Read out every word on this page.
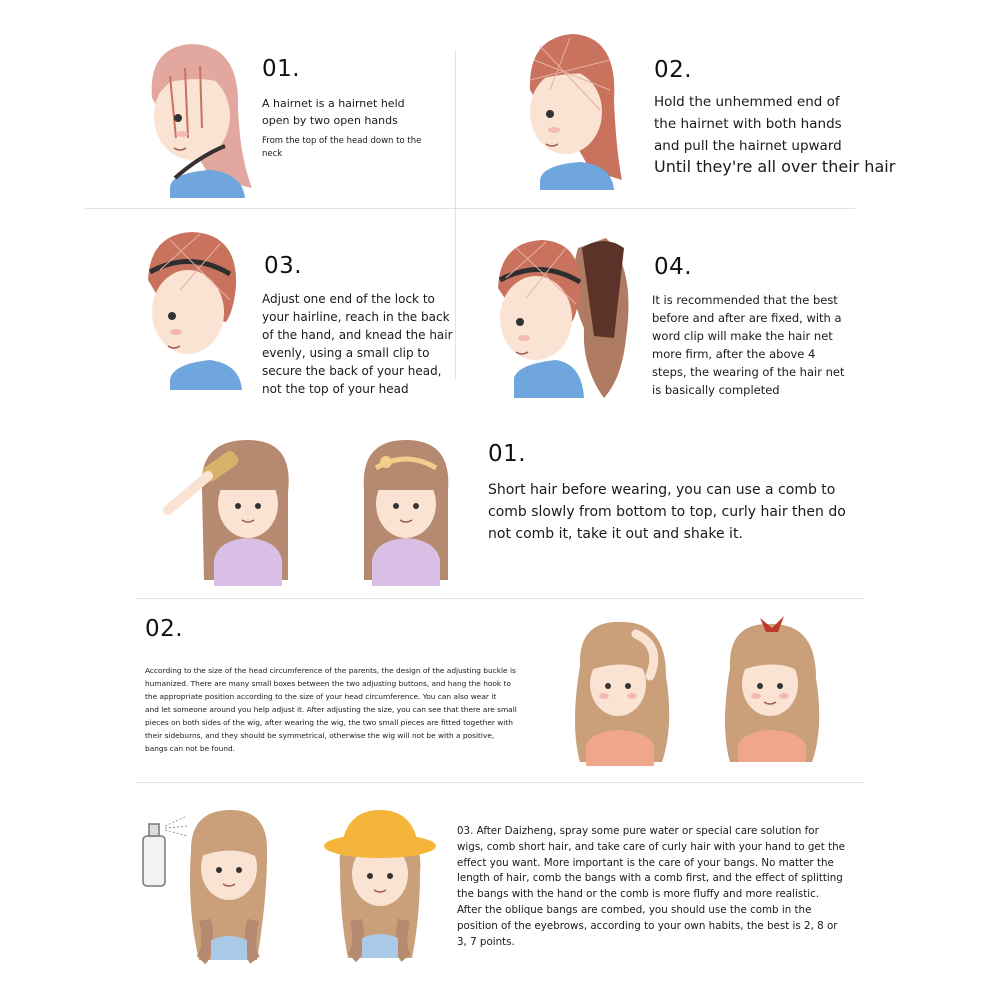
01.
A hairnet is a hairnet held
open by two open hands
From the top of the head down to the
neck
02.
Hold the unhemmed end of
the hairnet with both hands
and pull the hairnet upward
Until they're all over their hair
03.
Adjust one end of the lock to
your hairline, reach in the back
of the hand, and knead the hair
evenly, using a small clip to
secure the back of your head,
not the top of your head
04.
It is recommended that the best
before and after are fixed, with a
word clip will make the hair net
more firm, after the above 4
steps, the wearing of the hair net
is basically completed
01.
Short hair before wearing, you can use a comb to
comb slowly from bottom to top, curly hair then do
not comb it, take it out and shake it.
02.
According to the size of the head circumference of the parents, the design of the adjusting buckle is
humanized. There are many small boxes between the two adjusting buttons, and hang the hook to
the appropriate position according to the size of your head circumference. You can also wear it
and let someone around you help adjust it. After adjusting the size, you can see that there are small
pieces on both sides of the wig, after wearing the wig, the two small pieces are fitted together with
their sideburns, and they should be symmetrical, otherwise the wig will not be with a positive,
bangs can not be found.
03. After Daizheng, spray some pure water or special care solution for
wigs, comb short hair, and take care of curly hair with your hand to get the
effect you want. More important is the care of your bangs. No matter the
length of hair, comb the bangs with a comb first, and the effect of splitting
the bangs with the hand or the comb is more fluffy and more realistic.
After the oblique bangs are combed, you should use the comb in the
position of the eyebrows, according to your own habits, the best is 2, 8 or
3, 7 points.
